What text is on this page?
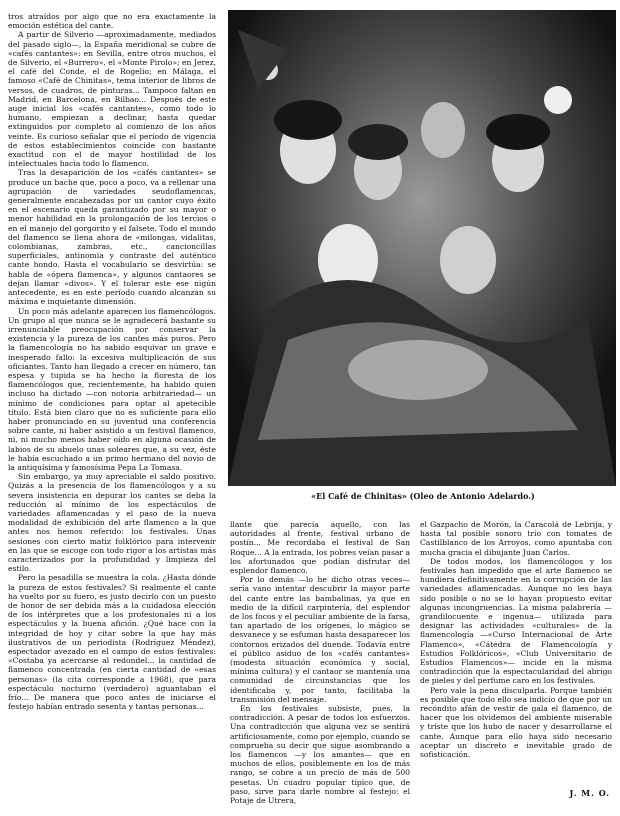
tros atraídos por algo que no era exactamente la emoción estética del cante.

A partir de Silverio —aproximadamente, mediados del pasado siglo—, la España meridional se cubre de «cafés cantantes»: en Sevilla, entre otros muchos, el de Silverio, el «Burrero», el «Monte Pirolo»; en Jerez, el café del Conde, el de Rogelio; en Málaga, el famoso «Café de Chinitas», tema interior de libros de versos, de cuadros, de pinturas... Tampoco faltan en Madrid, en Barcelona, en Bilbao... Después de este auge inicial los «cafés cantantes», como todo lo humano, empiezan a declinar, hasta quedar extinguidos por completo al comienzo de los años veinte. Es curioso señalar que el período de vigencia de estos establecimientos coincide con bastante exactitud con el de mayor hostilidad de los intelectuales hacia todo lo flamenco.

Tras la desaparición de los «cafés cantantes» se produce un bache que, poco a poco, va a rellenar una agrupación de variedades seudoflamencas, generalmente encabezadas por un cantor cuyo éxito en el escenario queda garantizado por su mayor o menor habilidad en la prolongación de los tercios o en el manejo del gorgorito y el falsete. Todo el mundo del flamenco se llena ahora de «milongas, vidalitas, colombianas, zambras, etc., cancioncillas superficiales, antinomia y contraste del auténtico cante hondo. Hasta el vocabulario se desvirtúa: se habla de «ópera flamenca», y algunos cantaores se dejan llamar «divos». Y el tolerar este ese nigún antecedente, es en este período cuando alcanzan su máxima e inquietante dimensión.

Un poco más adelante aparecen los flamencólogos. Un grupo al que nunca se le agradecerá bastante su irrenunciable preocupación por conservar la existencia y la pureza de los cantes más puros. Pero la flamencología no ha sabido esquivar un grave e inesperado fallo: la excesiva multiplicación de sus oficiantes. Tanto han llegado a crecer en número, tan espesa y tupida se ha hecho la floresta de los flamencólogos que, recientemente, ha habido quien incluso ha dictado —con notoria arbitrariedad— un mínimo de condiciones para optar al apetecible título. Está bien claro que no es suficiente para ello haber pronunciado en su juventud una conferencia sobre cante, ni haber asistido a un festival flamenco, ni, ni mucho menos haber oído en alguna ocasión de labios de su abuelo unas soleares que, a su vez, éste le había escuchado a un primo hermano del novio de la antiquísima y famosísima Pepa La Tomasa.

Sin embargo, ya muy apreciable el saldo positivo. Quizás a la presencia de los flamencólogos y a su severa insistencia en depurar los cantes se deba la reducción al mínimo de los espectáculos de variedades aflamencadas y el paso de la nueva modalidad de exhibición del arte flamenco a la que antes nos hemos referido: los festivales. Unas sesiones con cierto matiz folklórico para intervenir en las que se escoge con todo rigor a los artistas más caracterizados por la profundidad y limpieza del estilo.

Pero la pesadilla se muestra la cola. ¿Hasta dónde la pureza de estos festivales? Si realmente el cante ha vuelto por su fuero, es justo decirlo con un puesto de honor de ser debida más a la cuidadosa elección de los intérpretes que a los profesionales ni a los espectáculos y la buena afición. ¿Qué hace con la integridad de hoy y citar sobre la que hay más ilustrativos de un periodista (Rodríguez Méndez), espectador avezado en el campo de estos festivales: «Costaba ya acercarse al redondel... la cantidad de flamenco concentrada (en cierta cantidad de «esas personas» (la cita corresponde a 1968), que para espectáculo nocturno (verdadero) aguantaban el frío... De manera que poco antes de iniciarse el festejo habían entrado sesenta y tantas personas...

«El Café de Chinitas» (Oleo de Antonio Adelardo.)

llante que parecía aquello, con las autoridades al frente, festival urbano de postín... Me recordaba el festival de San Roque... A la entrada, los pobres veían pasar a los afortunados que podían disfrutar del esplendor flamenco.

Por lo demás —lo he dicho otras veces— sería vano intentar descubrir la mayor parte del cante entre las bambalinas, ya que en medio de la difícil carpintería, del esplendor de los focos y el peculiar ambiente de la farsa, tan apartado de los orígenes, lo mágico se desvanece y se esfuman hasta desaparecer los contornos erizados del duende. Todavía entre el público asiduo de los «cafés cantantes» (modesta situación económica y social, mínima cultura) y el cantaor se mantenía una comunidad de circunstancias que los identificaba y, por tanto, facilitaba la transmisión del mensaje.

En los festivales subsiste, pues, la contradicción. A pesar de todos los esfuerzos. Una contradicción que alguna vez se sentirá artificiosamente, como por ejemplo, cuando se comprueba su decir que sigue asombrando a los flamencos —y los amantes— que en muchos de ellos, posiblemente en los de más rango, se cobre a un precio de más de 500 pesetas. Un cuadro popular típico que, de paso, sirve para darle nombre al festejo: el Potaje de Utrera,

el Gazpacho de Morón, la Caracolá de Lebrija, y hasta tal posible sonoro trío con tomates de Castilblanco de los Arroyos, como apuntaba con mucha gracia el dibujante Juan Carlos.

De todos modos, los flamencólogos y los festivales han impedido que el arte flamenco se hundiera definitivamente en la corrupción de las variedades aflamencadas. Aunque no les haya sido posible o no se lo hayan propuesto evitar algunas incongruencias. La misma palabrería —grandilocuente e ingenua— utilizada para designar las actividades «culturales» de la flamencología —«Curso Internacional de Arte Flamenco», «Cátedra de Flamencología y Estudios Folklóricos», «Club Universitario de Estudios Flamencos»— incide en la misma contradicción que la espectacularidad del abrigo de pieles y del perfume caro en los festivales.

Pero vale la pena disculparla. Porque también es posible que todo ello sea indicio de que por un recóndito afán de vestir de gala el flamenco, de hacer que los olvidemos del ambiente miserable y triste que los hubo de nacer y desarrollarse el cante. Aunque para ello haya sido necesario aceptar un discreto e inevitable grado de sofisticación.

J. M. O.
